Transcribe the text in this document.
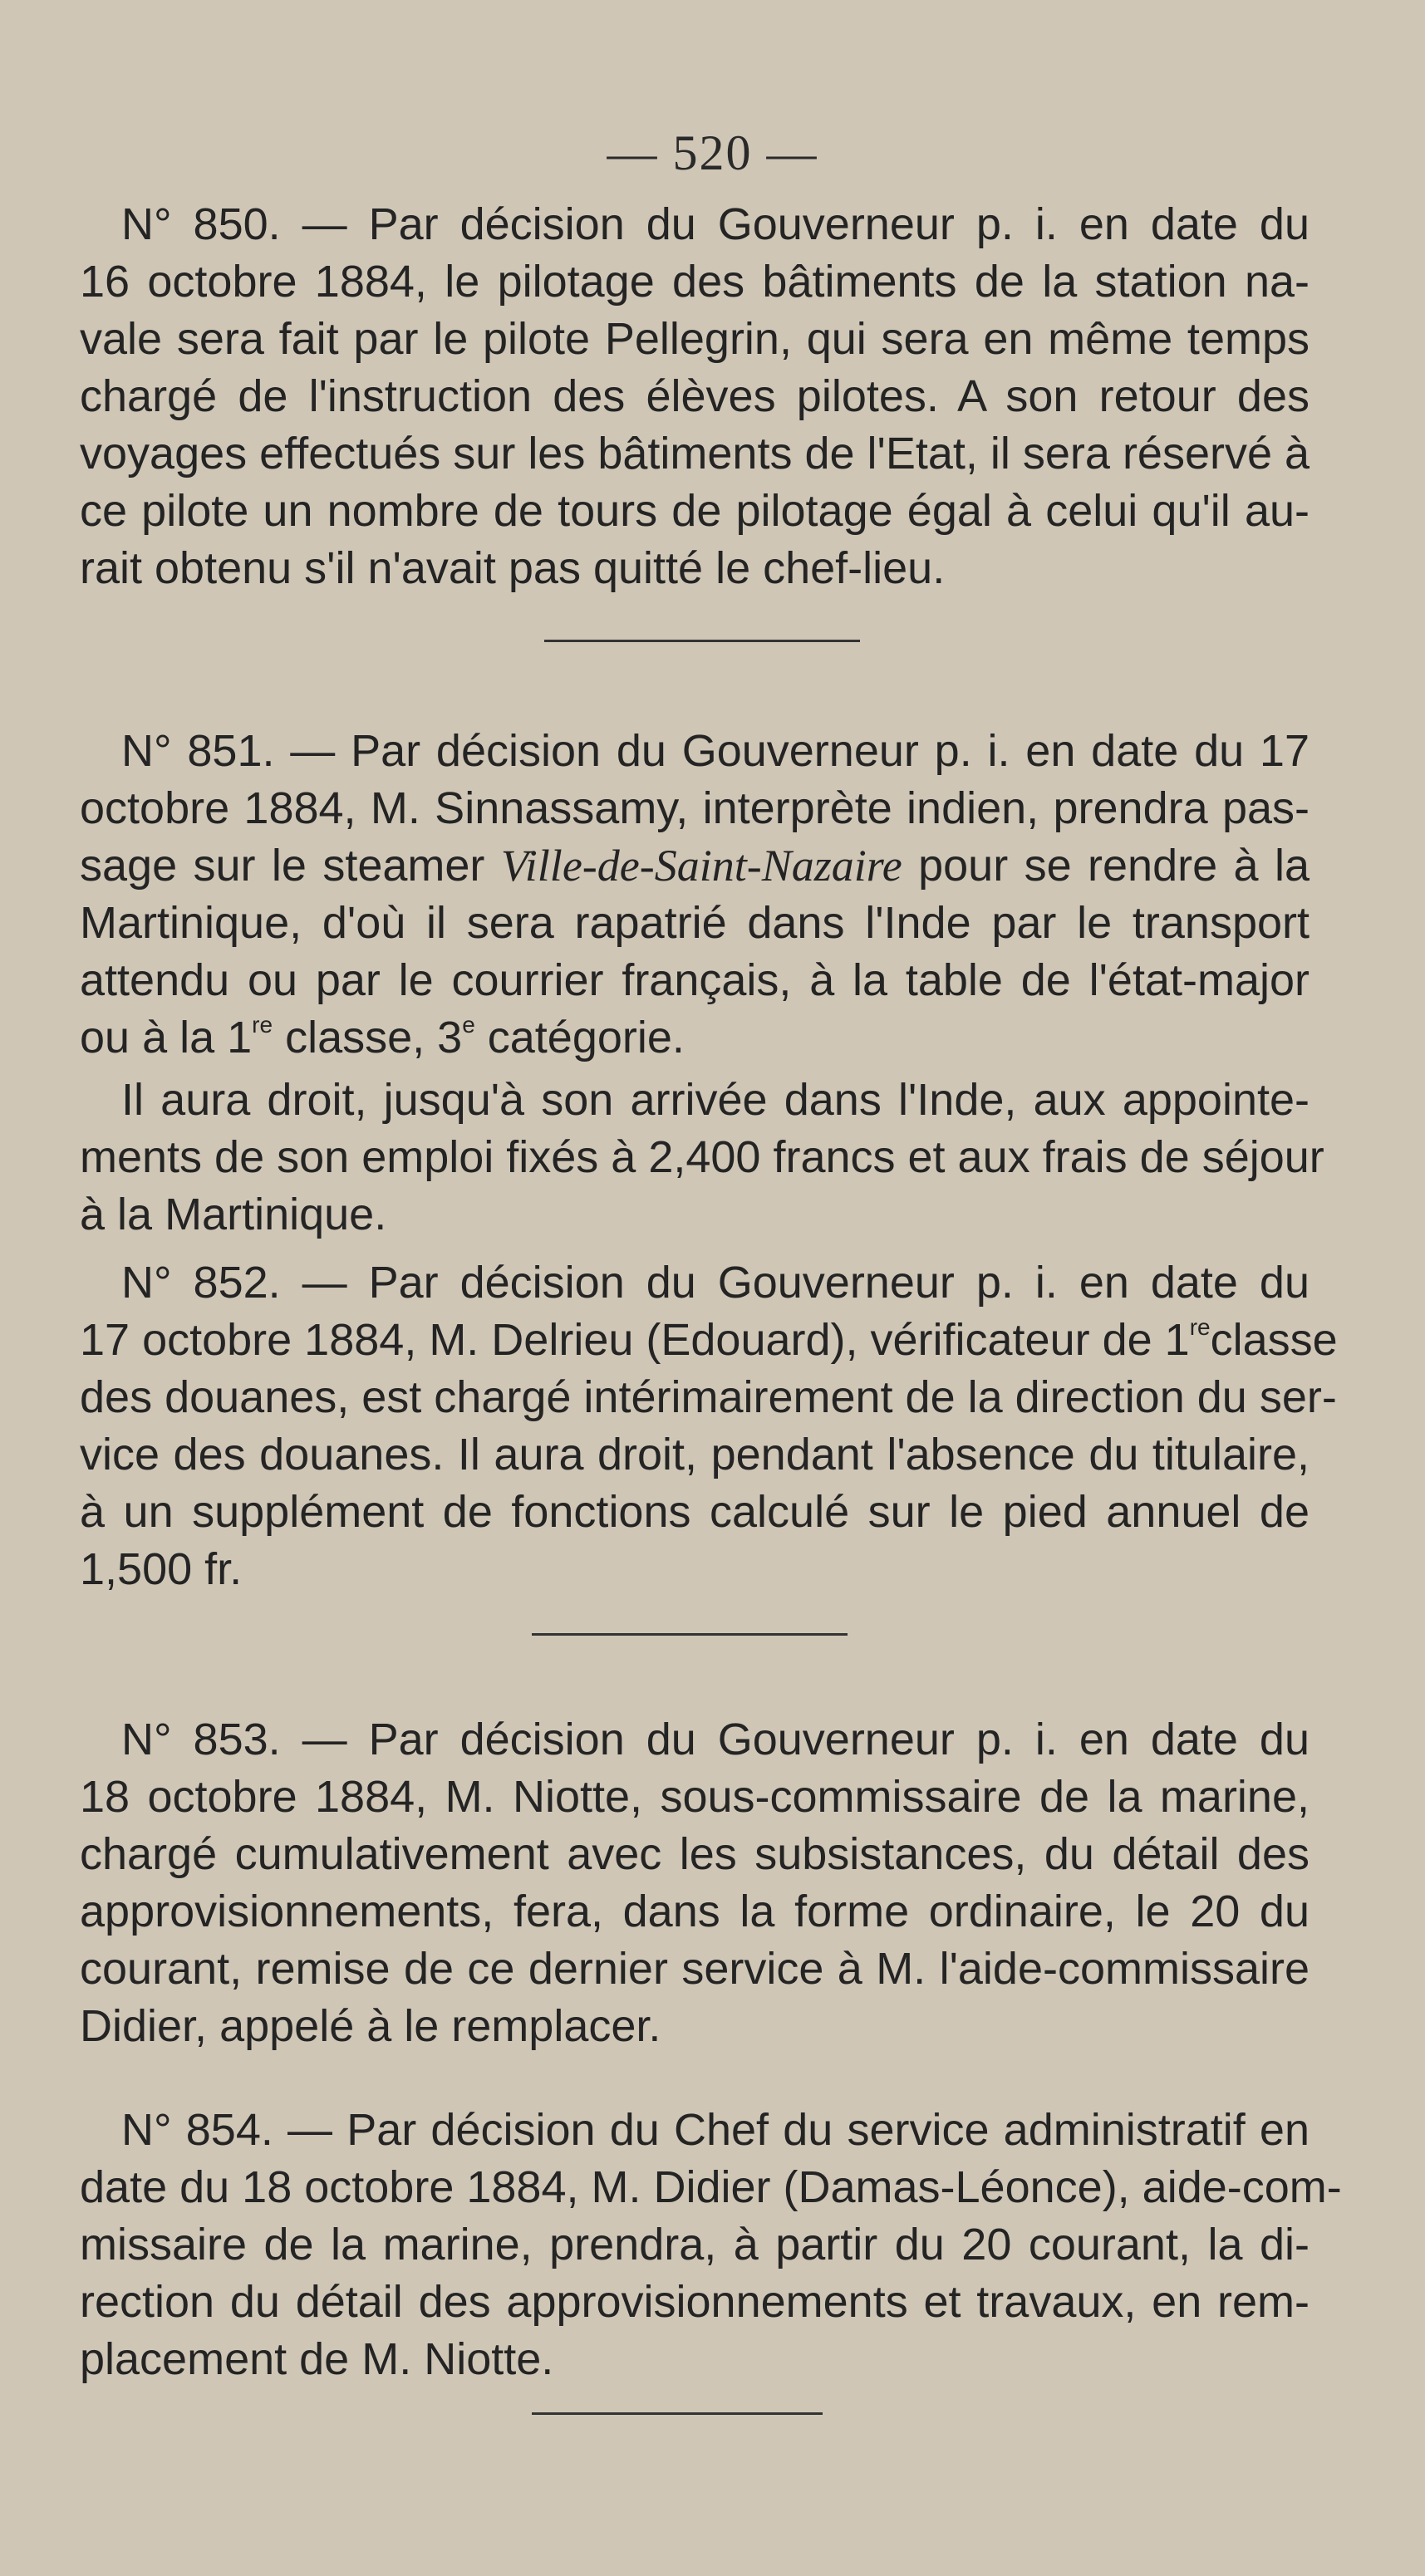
— 520 —
N° 850. — Par décision du Gouverneur p. i. en date du
16 octobre 1884, le pilotage des bâtiments de la station na-
vale sera fait par le pilote Pellegrin, qui sera en même temps
chargé de l'instruction des élèves pilotes. A son retour des
voyages effectués sur les bâtiments de l'Etat, il sera réservé à
ce pilote un nombre de tours de pilotage égal à celui qu'il au-
rait obtenu s'il n'avait pas quitté le chef-lieu.
N° 851. — Par décision du Gouverneur p. i. en date du 17
octobre 1884, M. Sinnassamy, interprète indien, prendra pas-
sage sur le steamer Ville-de-Saint-Nazaire pour se rendre à la
Martinique, d'où il sera rapatrié dans l'Inde par le transport
attendu ou par le courrier français, à la table de l'état-major
ou à la 1re classe, 3e catégorie.
Il aura droit, jusqu'à son arrivée dans l'Inde, aux appointe-
ments de son emploi fixés à 2,400 francs et aux frais de séjour
à la Martinique.
N° 852. — Par décision du Gouverneur p. i. en date du
17 octobre 1884, M. Delrieu (Edouard), vérificateur de 1reclasse
des douanes, est chargé intérimairement de la direction du ser-
vice des douanes. Il aura droit, pendant l'absence du titulaire,
à un supplément de fonctions calculé sur le pied annuel de
1,500 fr.
N° 853. — Par décision du Gouverneur p. i. en date du
18 octobre 1884, M. Niotte, sous-commissaire de la marine,
chargé cumulativement avec les subsistances, du détail des
approvisionnements, fera, dans la forme ordinaire, le 20 du
courant, remise de ce dernier service à M. l'aide-commissaire
Didier, appelé à le remplacer.
N° 854. — Par décision du Chef du service administratif en
date du 18 octobre 1884, M. Didier (Damas-Léonce), aide-com-
missaire de la marine, prendra, à partir du 20 courant, la di-
rection du détail des approvisionnements et travaux, en rem-
placement de M. Niotte.
